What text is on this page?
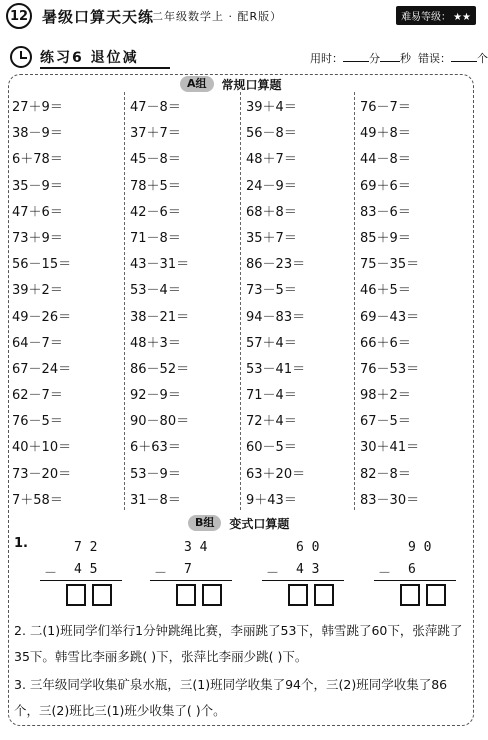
12 暑级口算天天练
（二年级数学上 · 配R版）	难易等级： ★★
练习6 退位减	用时： 分 秒 错误： 个
A组	常规口算题
27＋9＝	47－8＝	39＋4＝	76－7＝
38－9＝	37＋7＝	56－8＝	49＋8＝
6＋78＝	45－8＝	48＋7＝	44－8＝
35－9＝	78＋5＝	24－9＝	69＋6＝
47＋6＝	42－6＝	68＋8＝	83－6＝
73＋9＝	71－8＝	35＋7＝	85＋9＝
56－15＝	43－31＝	86－23＝	75－35＝
39＋2＝	53－4＝	73－5＝	46＋5＝
49－26＝	38－21＝	94－83＝	69－43＝
64－7＝	48＋3＝	57＋4＝	66＋6＝
67－24＝	86－52＝	53－41＝	76－53＝
62－7＝	92－9＝	71－4＝	98＋2＝
76－5＝	90－80＝	72＋4＝	67－5＝
40＋10＝	6＋63＝	60－5＝	30＋41＝
73－20＝	53－9＝	63＋20＝	82－8＝
7＋58＝	31－8＝	9＋43＝	83－30＝
B组	变式口算题
1.	7 2
－ 4 5
3 4
－ 7
6 0
－ 4 3
9 0
－ 6
2. 二(1)班同学们举行1分钟跳绳比赛，李丽跳了53下，韩雪跳了60下，张萍跳了35下。韩雪比李丽多跳( )下，张萍比李丽少跳( )下。
3. 三年级同学收集矿泉水瓶，三(1)班同学收集了94个，三(2)班同学收集了86个，三(2)班比三(1)班少收集了( )个。
